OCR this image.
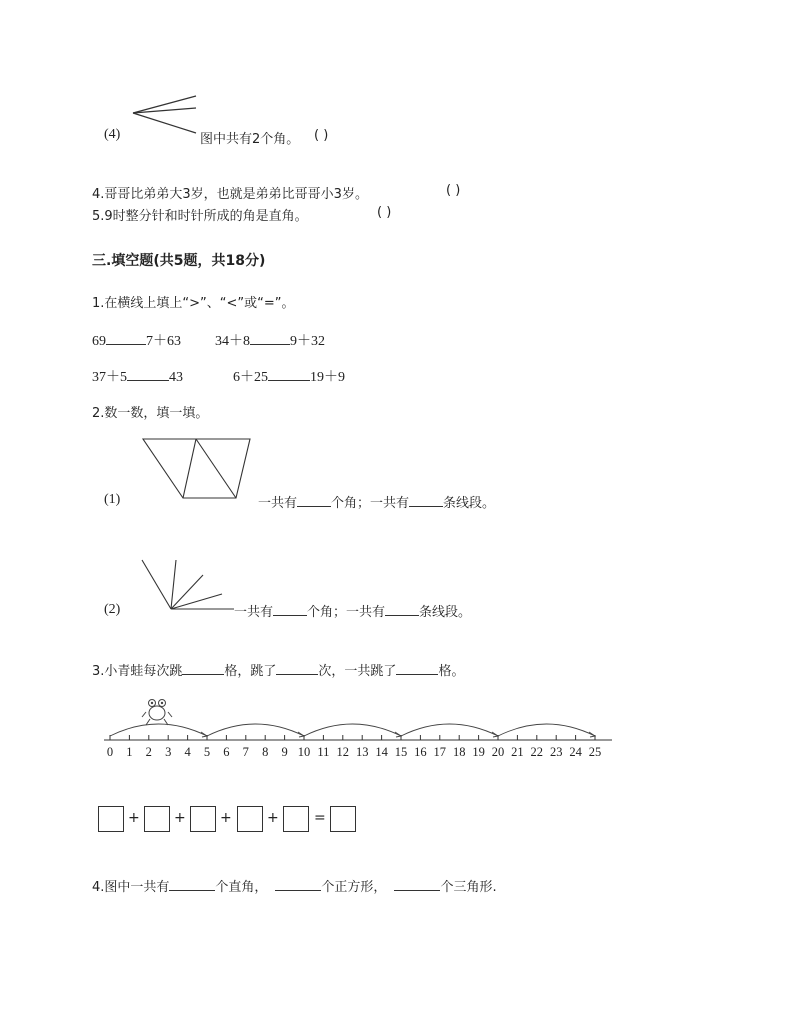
(4)	图中共有2个角。 ( )
4.哥哥比弟弟大3岁，也就是弟弟比哥哥小3岁。	( )
5.9时整分针和时针所成的角是直角。	( )
三.填空题(共5题，共18分)
1.在横线上填上“>”、“<”或“=”。
69	7＋63 34＋8	9＋32
37＋5	43	6＋25	19＋9
2.数一数，填一填。
(1)	一共有	个角；一共有	条线段。
(2)	一共有	个角；一共有	条线段。
3.小青蛙每次跳	格，跳了	次，一共跳了	格。
0 1 2 3 4 5 6 7 8 9 10 11 12 13 14 15 16 17 18 19 20 21 22 23 24 25
+ + +	+	=
4.图中一共有	个直角，	个正方形，	个三角形.
